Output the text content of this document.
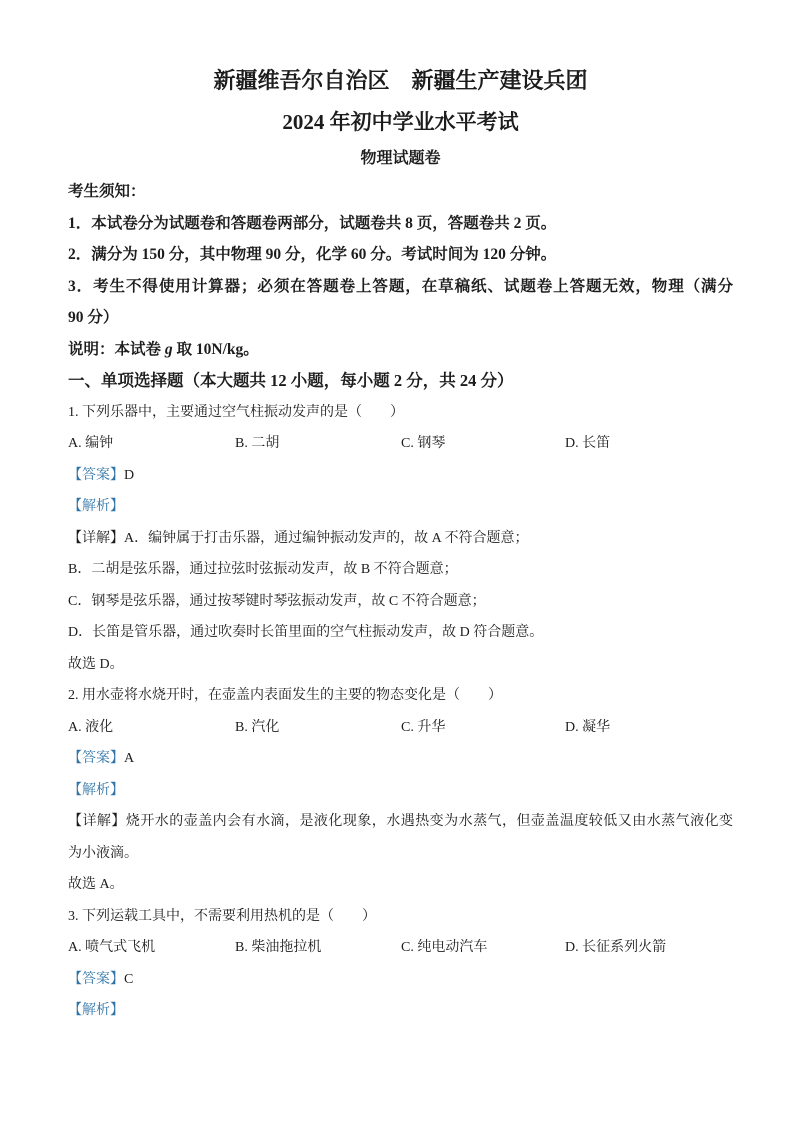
新疆维吾尔自治区　新疆生产建设兵团
2024 年初中学业水平考试
物理试题卷
考生须知：
1．本试卷分为试题卷和答题卷两部分，试题卷共 8 页，答题卷共 2 页。
2．满分为 150 分，其中物理 90 分，化学 60 分。考试时间为 120 分钟。
3．考生不得使用计算器；必须在答题卷上答题，在草稿纸、试题卷上答题无效，物理（满分
90 分）
说明：本试卷 g 取 10N/kg。
一、单项选择题（本大题共 12 小题，每小题 2 分，共 24 分）
1. 下列乐器中，主要通过空气柱振动发声的是（　　）
A. 编钟	B. 二胡	C. 钢琴	D. 长笛
【答案】D
【解析】
【详解】A．编钟属于打击乐器，通过编钟振动发声的，故 A 不符合题意；
B．二胡是弦乐器，通过拉弦时弦振动发声，故 B 不符合题意；
C．钢琴是弦乐器，通过按琴键时琴弦振动发声，故 C 不符合题意；
D．长笛是管乐器，通过吹奏时长笛里面的空气柱振动发声，故 D 符合题意。
故选 D。
2. 用水壶将水烧开时，在壶盖内表面发生的主要的物态变化是（　　）
A. 液化	B. 汽化	C. 升华	D. 凝华
【答案】A
【解析】
【详解】烧开水的壶盖内会有水滴，是液化现象，水遇热变为水蒸气，但壶盖温度较低又由水蒸气液化变
为小液滴。
故选 A。
3. 下列运载工具中，不需要利用热机的是（　　）
A. 喷气式飞机	B. 柴油拖拉机	C. 纯电动汽车	D. 长征系列火箭
【答案】C
【解析】
